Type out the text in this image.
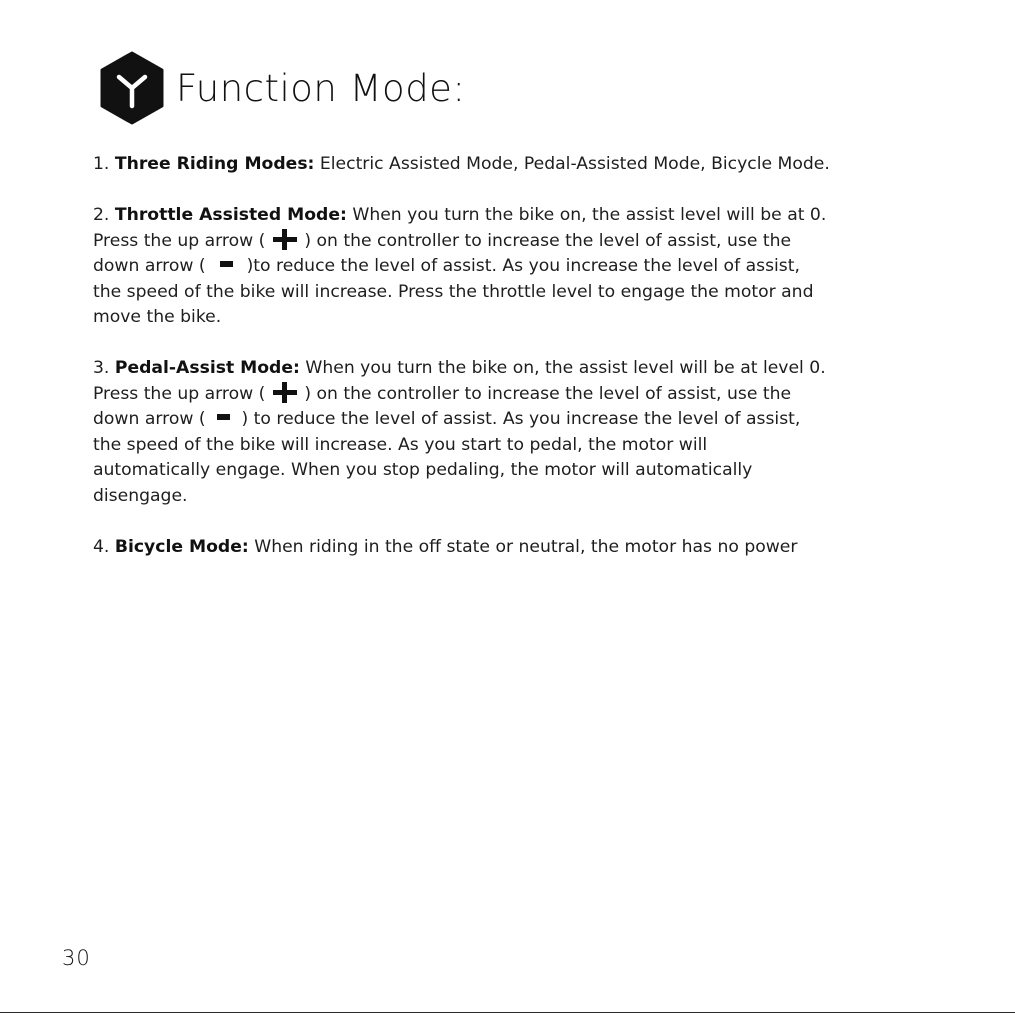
Function Mode:

1. Three Riding Modes: Electric Assisted Mode, Pedal-Assisted Mode, Bicycle Mode.

2. Throttle Assisted Mode: When you turn the bike on, the assist level will be at 0.
Press the up arrow ( ) on the controller to increase the level of assist, use the
down arrow ( )to reduce the level of assist. As you increase the level of assist,
the speed of the bike will increase. Press the throttle level to engage the motor and
move the bike.

3. Pedal-Assist Mode: When you turn the bike on, the assist level will be at level 0.
Press the up arrow ( ) on the controller to increase the level of assist, use the
down arrow ( ) to reduce the level of assist. As you increase the level of assist,
the speed of the bike will increase. As you start to pedal, the motor will
automatically engage. When you stop pedaling, the motor will automatically
disengage.

4. Bicycle Mode: When riding in the off state or neutral, the motor has no power

30
